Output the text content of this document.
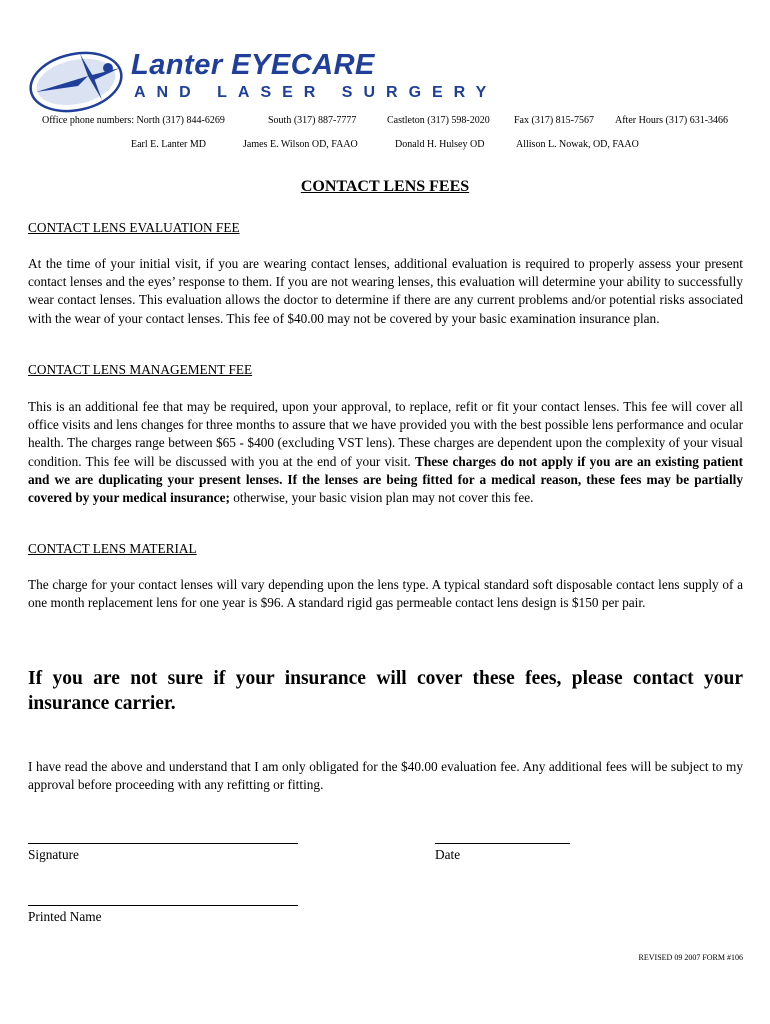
Lanter EYECARE
AND LASER SURGERY
Office phone numbers: North (317) 844-6269	South (317) 887-7777	Castleton (317) 598-2020 Fax (317) 815-7567 After Hours (317) 631-3466
Earl E. Lanter MD	James E. Wilson OD, FAAO	Donald H. Hulsey OD	Allison L. Nowak, OD, FAAO
CONTACT LENS FEES
CONTACT LENS EVALUATION FEE
At the time of your initial visit, if you are wearing contact lenses, additional evaluation is required to properly assess your present contact lenses and the eyes’ response to them. If you are not wearing lenses, this evaluation will determine your ability to successfully wear contact lenses. This evaluation allows the doctor to determine if there are any current problems and/or potential risks associated with the wear of your contact lenses. This fee of $40.00 may not be covered by your basic examination insurance plan.
CONTACT LENS MANAGEMENT FEE
This is an additional fee that may be required, upon your approval, to replace, refit or fit your contact lenses. This fee will cover all office visits and lens changes for three months to assure that we have provided you with the best possible lens performance and ocular health. The charges range between $65 - $400 (excluding VST lens). These charges are dependent upon the complexity of your visual condition. This fee will be discussed with you at the end of your visit. These charges do not apply if you are an existing patient and we are duplicating your present lenses. If the lenses are being fitted for a medical reason, these fees may be partially covered by your medical insurance; otherwise, your basic vision plan may not cover this fee.
CONTACT LENS MATERIAL
The charge for your contact lenses will vary depending upon the lens type. A typical standard soft disposable contact lens supply of a one month replacement lens for one year is $96. A standard rigid gas permeable contact lens design is $150 per pair.
If you are not sure if your insurance will cover these fees, please contact your insurance carrier.
I have read the above and understand that I am only obligated for the $40.00 evaluation fee. Any additional fees will be subject to my approval before proceeding with any refitting or fitting.
Signature	Date
Printed Name
REVISED 09 2007 FORM #106
